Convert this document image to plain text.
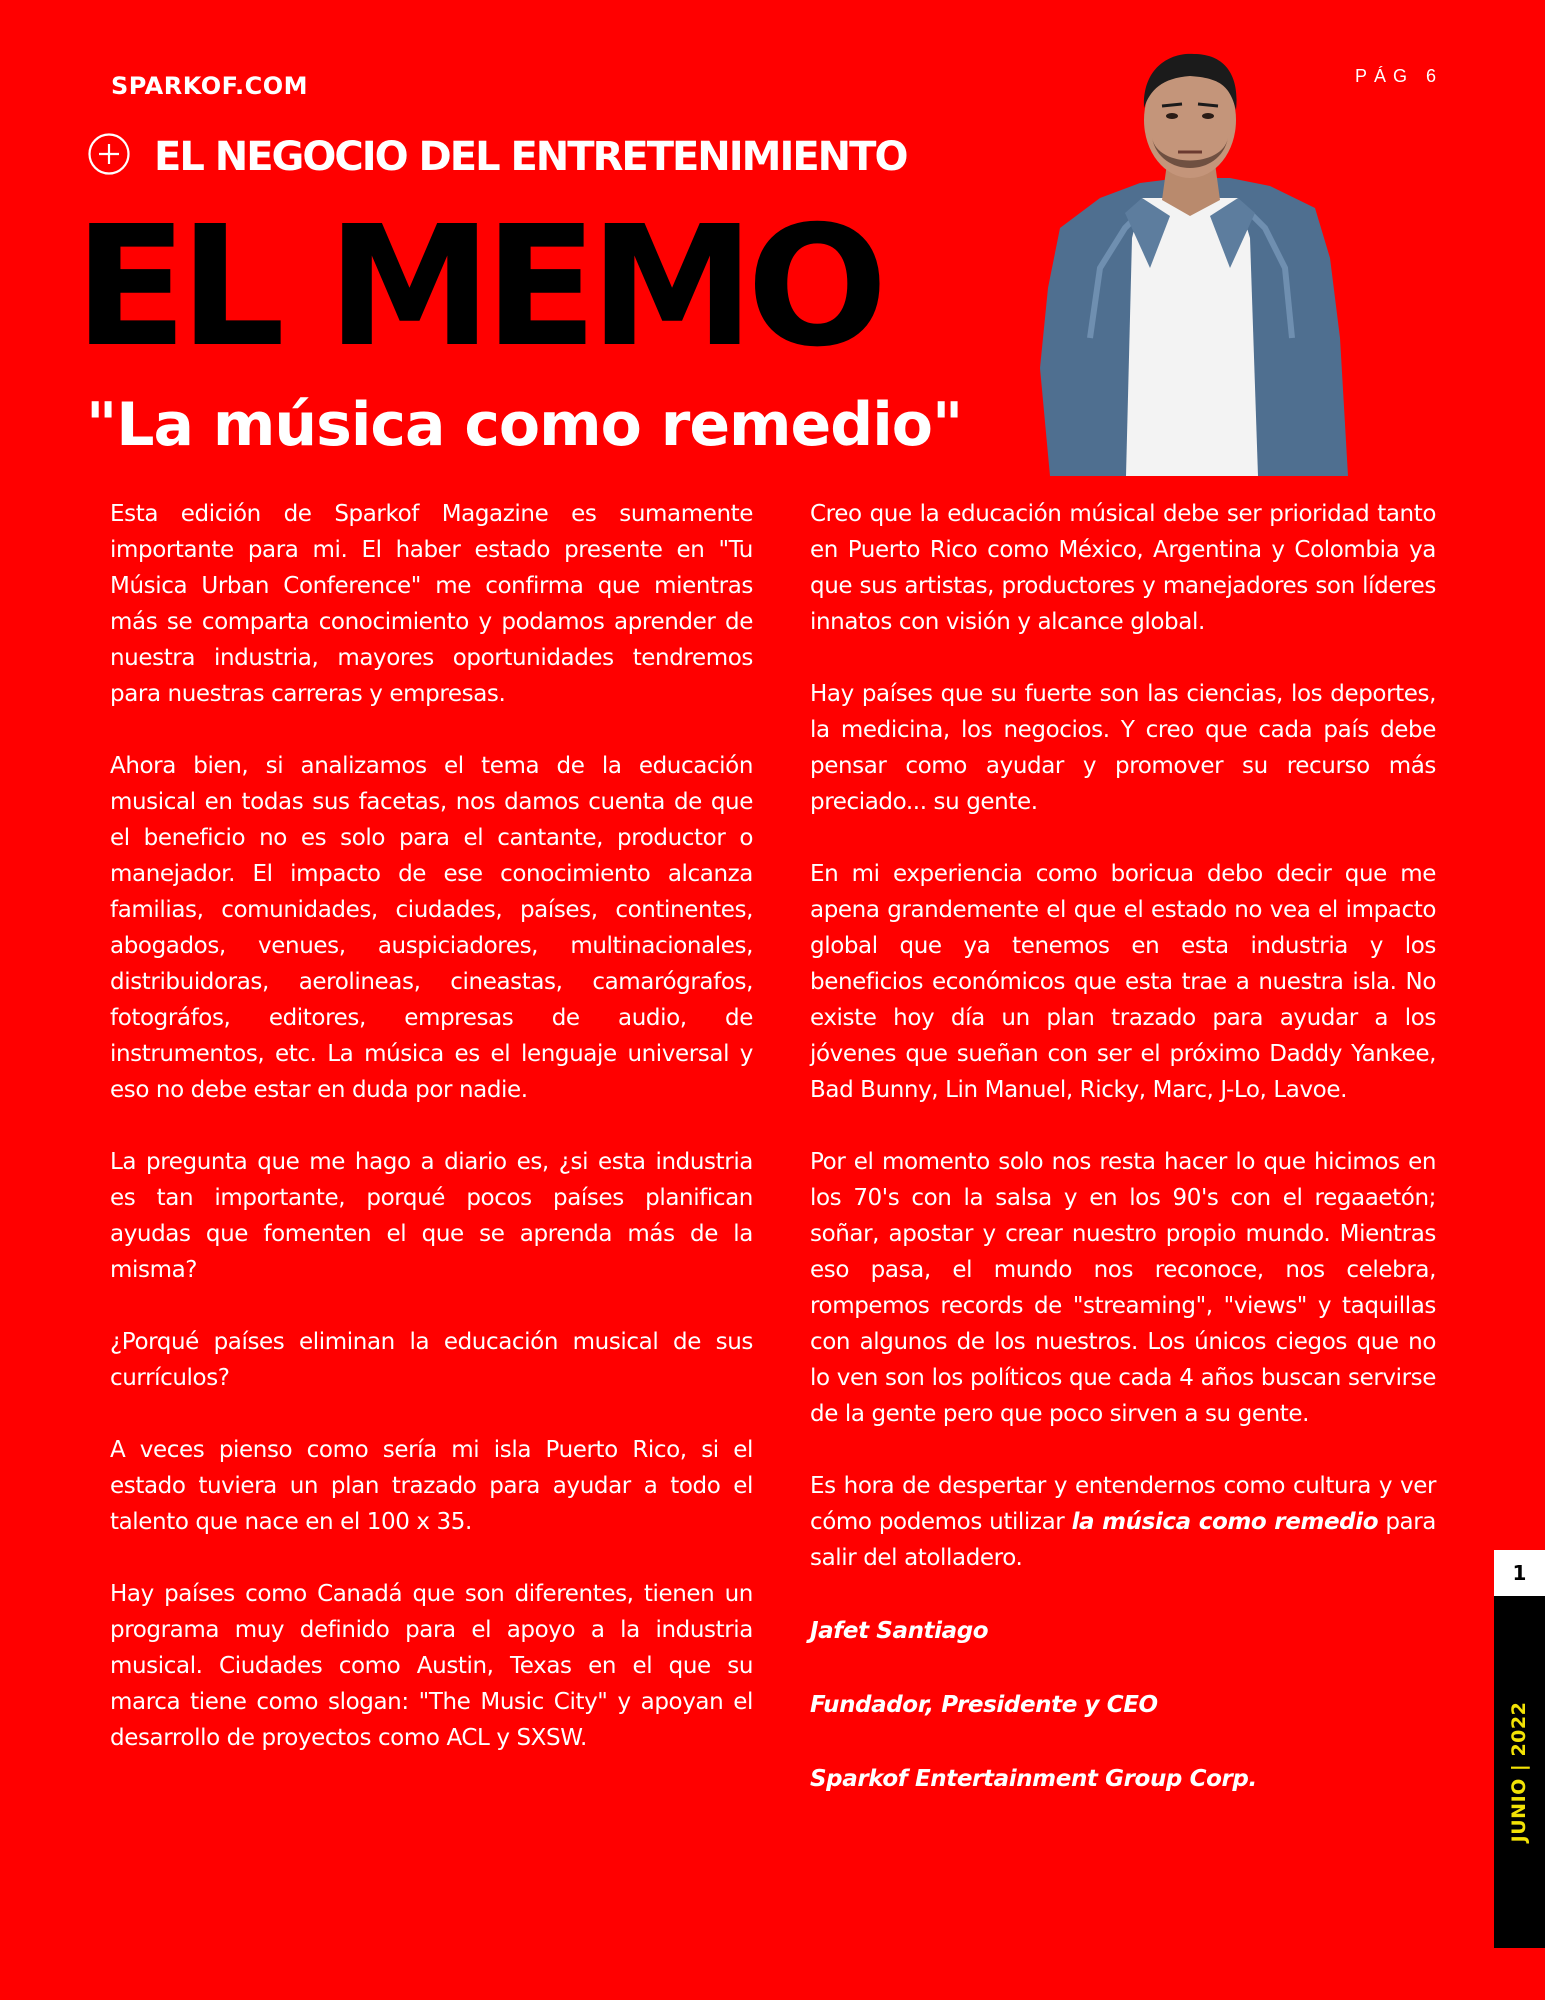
SPARKOF.COM	PÁG 6
EL NEGOCIO DEL ENTRETENIMIENTO
EL MEMO
"La música como remedio"

Esta edición de Sparkof Magazine es sumamente importante para mi. El haber estado presente en "Tu Música Urban Conference" me confirma que mientras más se comparta conocimiento y podamos aprender de nuestra industria, mayores oportunidades tendremos para nuestras carreras y empresas.

Ahora bien, si analizamos el tema de la educación musical en todas sus facetas, nos damos cuenta de que el beneficio no es solo para el cantante, productor o manejador. El impacto de ese conocimiento alcanza familias, comunidades, ciudades, países, continentes, abogados, venues, auspiciadores, multinacionales, distribuidoras, aerolineas, cineastas, camarógrafos, fotográfos, editores, empresas de audio, de instrumentos, etc. La música es el lenguaje universal y eso no debe estar en duda por nadie.

La pregunta que me hago a diario es, ¿si esta industria es tan importante, porqué pocos países planifican ayudas que fomenten el que se aprenda más de la misma?

¿Porqué países eliminan la educación musical de sus currículos?

A veces pienso como sería mi isla Puerto Rico, si el estado tuviera un plan trazado para ayudar a todo el talento que nace en el 100 x 35.

Hay países como Canadá que son diferentes, tienen un programa muy definido para el apoyo a la industria musical. Ciudades como Austin, Texas en el que su marca tiene como slogan: "The Music City" y apoyan el desarrollo de proyectos como ACL y SXSW.

Creo que la educación músical debe ser prioridad tanto en Puerto Rico como México, Argentina y Colombia ya que sus artistas, productores y manejadores son líderes innatos con visión y alcance global.

Hay países que su fuerte son las ciencias, los deportes, la medicina, los negocios. Y creo que cada país debe pensar como ayudar y promover su recurso más preciado... su gente.

En mi experiencia como boricua debo decir que me apena grandemente el que el estado no vea el impacto global que ya tenemos en esta industria y los beneficios económicos que esta trae a nuestra isla. No existe hoy día un plan trazado para ayudar a los jóvenes que sueñan con ser el próximo Daddy Yankee, Bad Bunny, Lin Manuel, Ricky, Marc, J-Lo, Lavoe.

Por el momento solo nos resta hacer lo que hicimos en los 70's con la salsa y en los 90's con el regaaetón; soñar, apostar y crear nuestro propio mundo. Mientras eso pasa, el mundo nos reconoce, nos celebra, rompemos records de "streaming", "views" y taquillas con algunos de los nuestros. Los únicos ciegos que no lo ven son los políticos que cada 4 años buscan servirse de la gente pero que poco sirven a su gente.

Es hora de despertar y entendernos como cultura y ver cómo podemos utilizar la música como remedio para salir del atolladero.

Jafet Santiago

Fundador, Presidente y CEO

Sparkof Entertainment Group Corp.

1
JUNIO | 2022
